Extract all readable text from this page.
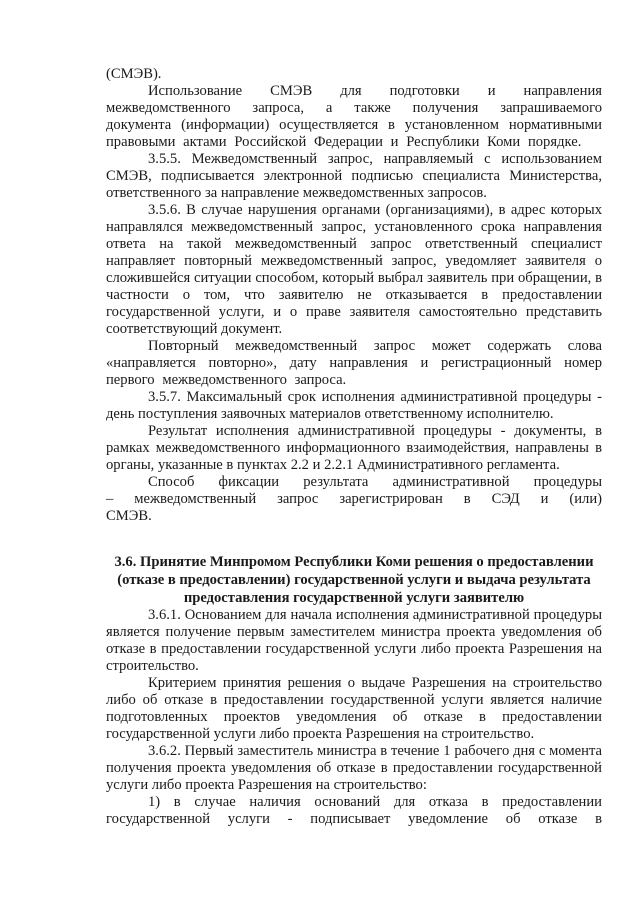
(СМЭВ).

Использование СМЭВ для подготовки и направления межведомственного запроса, а также получения запрашиваемого документа (информации) осуществляется в установленном нормативными правовыми актами Российской Федерации и Республики Коми порядке.

3.5.5. Межведомственный запрос, направляемый с использованием СМЭВ, подписывается электронной подписью специалиста Министерства, ответственного за направление межведомственных запросов.

3.5.6. В случае нарушения органами (организациями), в адрес которых направлялся межведомственный запрос, установленного срока направления ответа на такой межведомственный запрос ответственный специалист направляет повторный межведомственный запрос, уведомляет заявителя о сложившейся ситуации способом, который выбрал заявитель при обращении, в частности о том, что заявителю не отказывается в предоставлении государственной услуги, и о праве заявителя самостоятельно представить соответствующий документ.

Повторный межведомственный запрос может содержать слова «направляется повторно», дату направления и регистрационный номер первого межведомственного запроса.

3.5.7. Максимальный срок исполнения административной процедуры - день поступления заявочных материалов ответственному исполнителю.

Результат исполнения административной процедуры - документы, в рамках межведомственного информационного взаимодействия, направлены в органы, указанные в пунктах 2.2 и 2.2.1 Административного регламента.

Способ фиксации результата административной процедуры – межведомственный запрос зарегистрирован в СЭД и (или) СМЭВ.

3.6. Принятие Минпромом Республики Коми решения о предоставлении (отказе в предоставлении) государственной услуги и выдача результата предоставления государственной услуги заявителю

3.6.1. Основанием для начала исполнения административной процедуры является получение первым заместителем министра проекта уведомления об отказе в предоставлении государственной услуги либо проекта Разрешения на строительство.

Критерием принятия решения о выдаче Разрешения на строительство либо об отказе в предоставлении государственной услуги является наличие подготовленных проектов уведомления об отказе в предоставлении государственной услуги либо проекта Разрешения на строительство.

3.6.2. Первый заместитель министра в течение 1 рабочего дня с момента получения проекта уведомления об отказе в предоставлении государственной услуги либо проекта Разрешения на строительство:

1) в случае наличия оснований для отказа в предоставлении

государственной услуги - подписывает уведомление об отказе в
